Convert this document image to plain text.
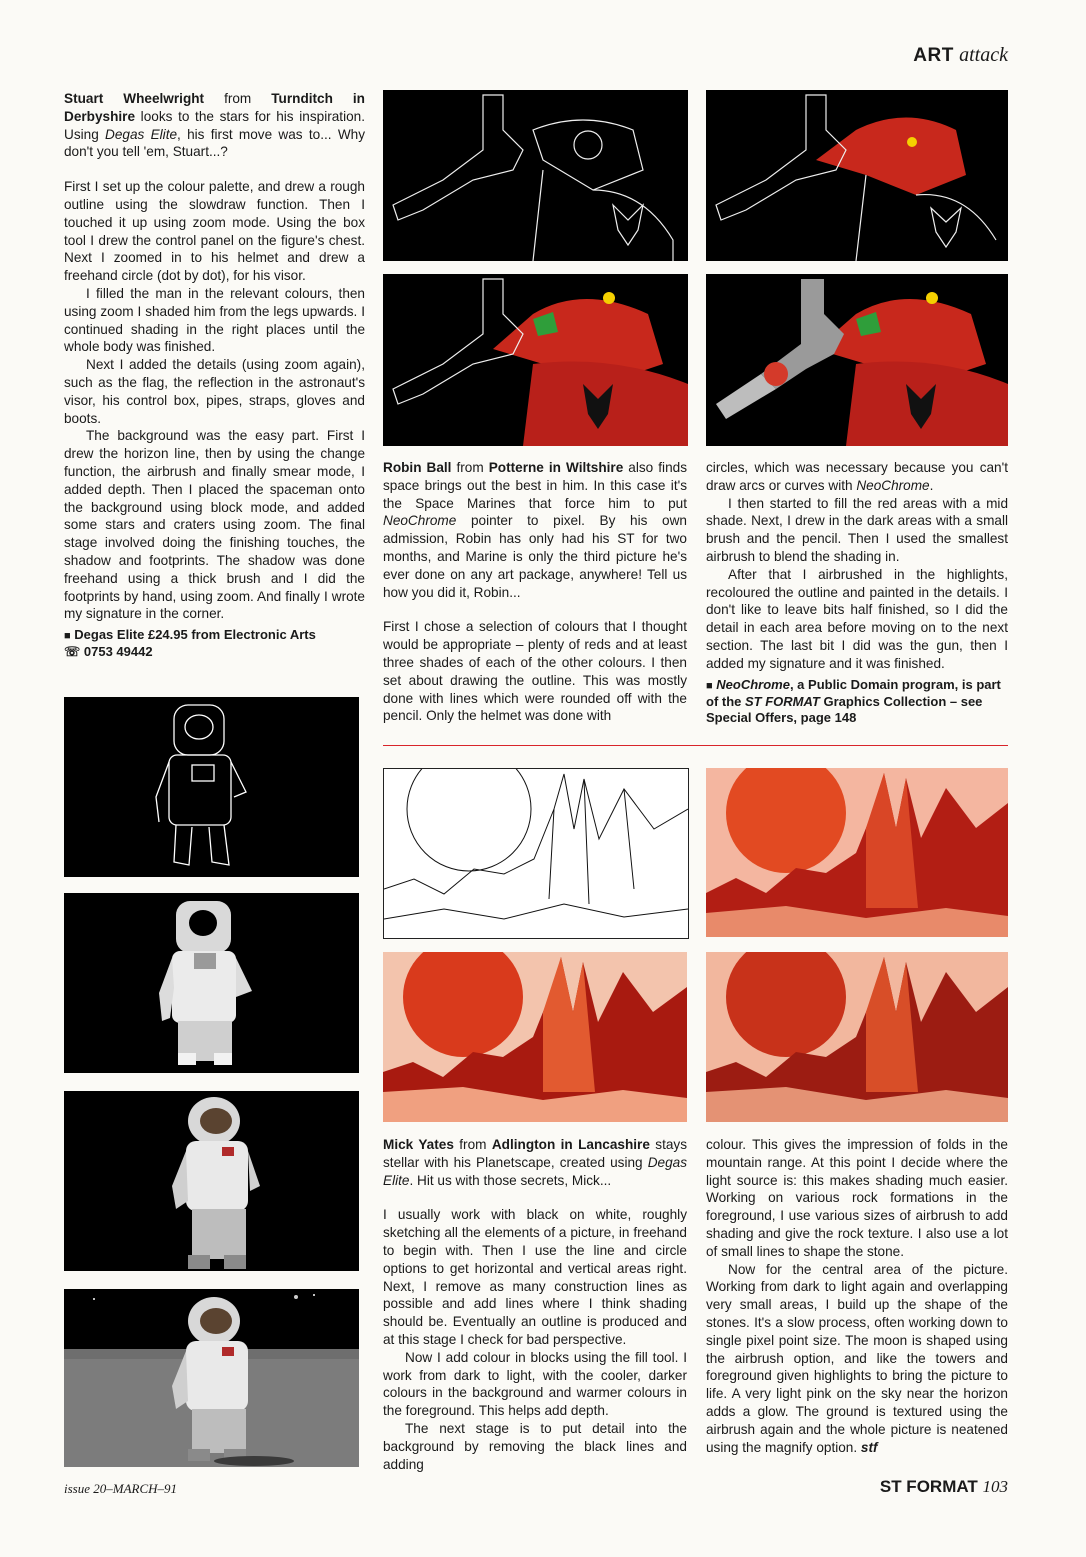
ART attack

Stuart Wheelwright from Turnditch in Derbyshire looks to the stars for his inspiration. Using Degas Elite, his first move was to... Why don't you tell 'em, Stuart...?

First I set up the colour palette, and drew a rough outline using the slowdraw function. Then I touched it up using zoom mode. Using the box tool I drew the control panel on the figure's chest. Next I zoomed in to his helmet and drew a freehand circle (dot by dot), for his visor.

I filled the man in the relevant colours, then using zoom I shaded him from the legs upwards. I continued shading in the right places until the whole body was finished.

Next I added the details (using zoom again), such as the flag, the reflection in the astronaut's visor, his control box, pipes, straps, gloves and boots.

The background was the easy part. First I drew the horizon line, then by using the change function, the airbrush and finally smear mode, I added depth. Then I placed the spaceman onto the background using block mode, and added some stars and craters using zoom. The final stage involved doing the finishing touches, the shadow and footprints. The shadow was done freehand using a thick brush and I did the footprints by hand, using zoom. And finally I wrote my signature in the corner.

■ Degas Elite £24.95 from Electronic Arts
☏ 0753 49442

Robin Ball from Potterne in Wiltshire also finds space brings out the best in him. In this case it's the Space Marines that force him to put NeoChrome pointer to pixel. By his own admission, Robin has only had his ST for two months, and Marine is only the third picture he's ever done on any art package, anywhere! Tell us how you did it, Robin...

First I chose a selection of colours that I thought would be appropriate – plenty of reds and at least three shades of each of the other colours. I then set about drawing the outline. This was mostly done with lines which were rounded off with the pencil. Only the helmet was done with

circles, which was necessary because you can't draw arcs or curves with NeoChrome.

I then started to fill the red areas with a mid shade. Next, I drew in the dark areas with a small brush and the pencil. Then I used the smallest airbrush to blend the shading in.

After that I airbrushed in the highlights, recoloured the outline and painted in the details. I don't like to leave bits half finished, so I did the detail in each area before moving on to the next section. The last bit I did was the gun, then I added my signature and it was finished.

■ NeoChrome, a Public Domain program, is part of the ST FORMAT Graphics Collection – see Special Offers, page 148

Mick Yates from Adlington in Lancashire stays stellar with his Planetscape, created using Degas Elite. Hit us with those secrets, Mick...

I usually work with black on white, roughly sketching all the elements of a picture, in freehand to begin with. Then I use the line and circle options to get horizontal and vertical areas right. Next, I remove as many construction lines as possible and add lines where I think shading should be. Eventually an outline is produced and at this stage I check for bad perspective.

Now I add colour in blocks using the fill tool. I work from dark to light, with the cooler, darker colours in the background and warmer colours in the foreground. This helps add depth.

The next stage is to put detail into the background by removing the black lines and adding

colour. This gives the impression of folds in the mountain range. At this point I decide where the light source is: this makes shading much easier. Working on various rock formations in the foreground, I use various sizes of airbrush to add shading and give the rock texture. I also use a lot of small lines to shape the stone.

Now for the central area of the picture. Working from dark to light again and overlapping very small areas, I build up the shape of the stones. It's a slow process, often working down to single pixel point size. The moon is shaped using the airbrush option, and like the towers and foreground given highlights to bring the picture to life. A very light pink on the sky near the horizon adds a glow. The ground is textured using the airbrush again and the whole picture is neatened using the magnify option. stf

issue 20–MARCH–91	ST FORMAT 103
